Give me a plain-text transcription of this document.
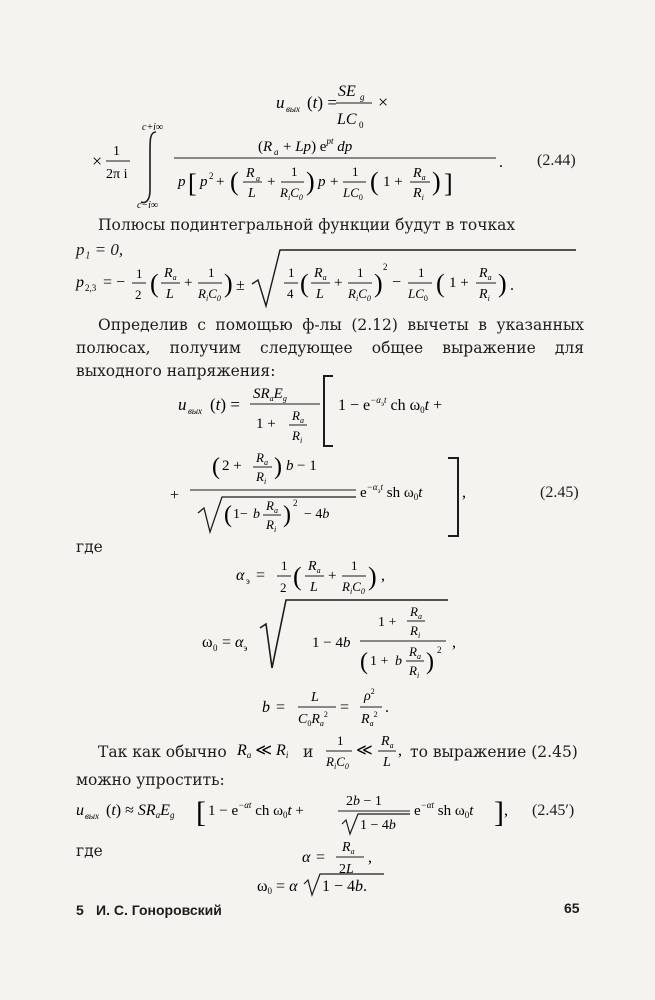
u вых (t) =
SE g
LC 0
×
× 1
2π i
c+i∞
c−i∞
(R a + Lp) $e^{pt}$ dp
p [ p 2 + ( R a
L
+
1
$R_iC_0$
) p +
1
$LC_0$
( 1 +
$R_a$
$R_i$
) ]
.
p 2,3 = −
1
2 ( $R_a$
L
+
1
$R_iC_0$
) ±
1
4 ( $R_a$
L
+
1
$R_iC_0$
)
2
−
1
$LC_0$
( 1 +
$R_a$
$R_i$
) .
u вых (t) =
$SR_aE_g$
1 +
$R_a$
$R_i$
$1 - e^{-\alpha}эt$ ch ω0t +
+
( 2 +
$R_a$
$R_i$
) b − 1
( 1− b
$R_a$
$R_i$
) 2
− 4b
$e^{-\alpha}_э^t$ sh $\omega_0t$ ,
α э =
1
2 ( $R_a$
L
+
1
$R_iC_0$
) ,
ω $0 = \alpha_э$	1 − 4b
1 +
$R_a$
$R_i$
( 1 + b
$R_a$
$R_i$
) 2 ,
b =
L
$C_0R_a^2$ =
$\rho^2$
$R_a^2$ .
Ra ≪ Ri
1
$R_iC_0$
≪
$R_a$
L
,
u вых (t) ≈ SRaEg [ $1 - e^{-\alpha t}$ ch $\omega_0t$ +
2b − 1
1 − 4b
$e^{-\alpha t}$ sh $\omega_0t$ ] ,
α =
$R_a$
2L
,
ω0 = α 1 − 4b.
(2.44)
(2.45)
(2.45′)
Полюсы подинтегральной функции будут в точках
p₁ = 0,
Определив с помощью ф-лы (2.12) вычеты в указанных полюсах, получим следующее общее выражение для выходного напряжения:
где
Так как обычно	и	то выражение (2.45)
можно упростить:
где
5 И. С. Гоноровский	65
